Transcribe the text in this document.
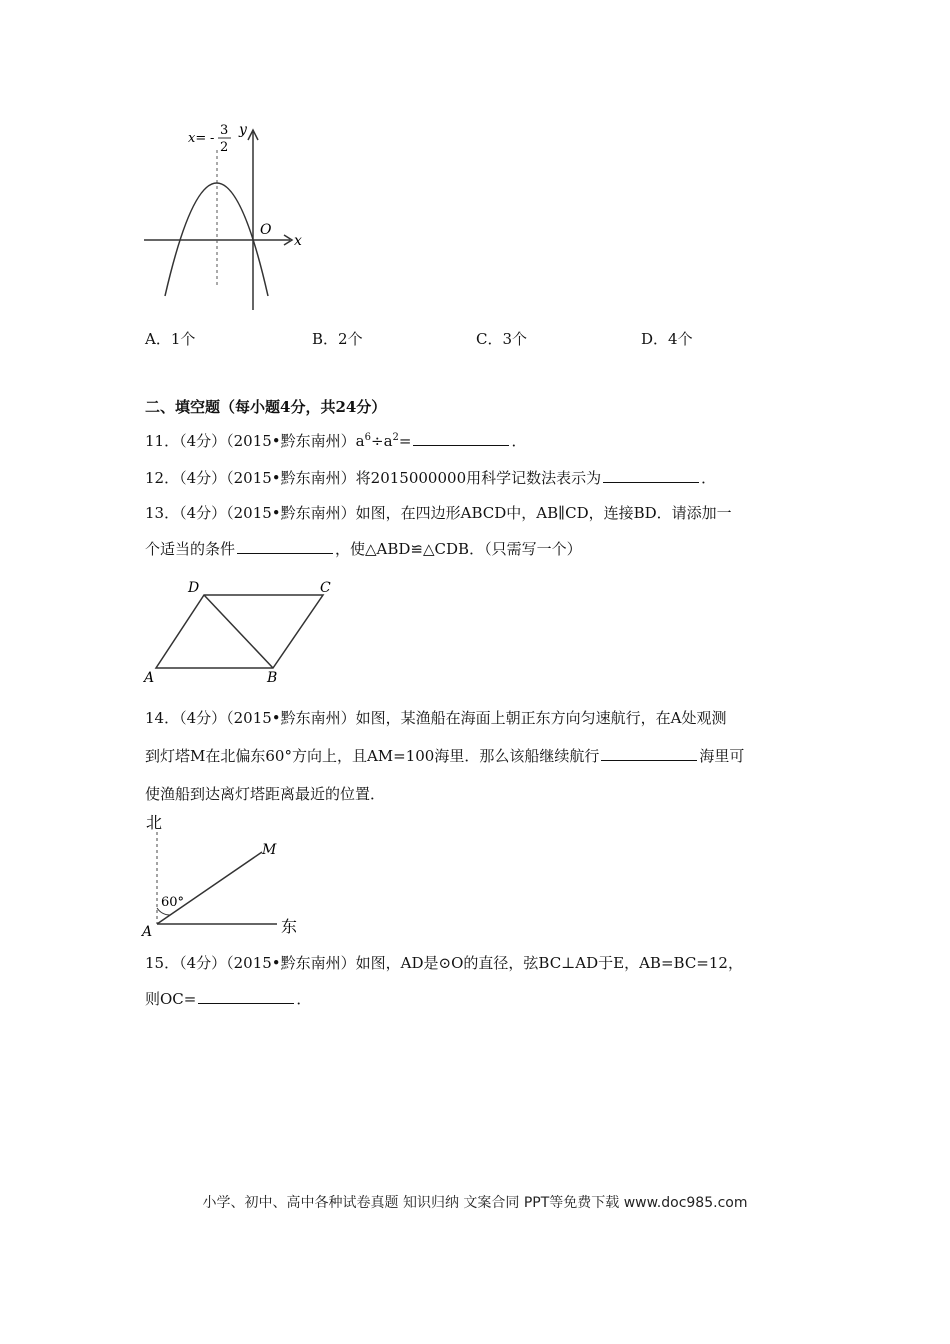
x= -
3
2
y
x
O
A．1个	B．2个	C．3个	D．4个
二、填空题（每小题4分，共24分）
11．（4分）（2015•黔东南州）$a^6\div a^2=$	．
12．（4分）（2015•黔东南州）将2015000000用科学记数法表示为	．
13．（4分）（2015•黔东南州）如图，在四边形ABCD中，AB∥CD，连接BD．请添加一
个适当的条件	，使△ABD≌△CDB．（只需写一个）
A	B
C
D
14．（4分）（2015•黔东南州）如图，某渔船在海面上朝正东方向匀速航行，在A处观测
到灯塔M在北偏东60°方向上，且AM=100海里．那么该船继续航行	海里可
使渔船到达离灯塔距离最近的位置．
北
东
60°
A
M
15．（4分）（2015•黔东南州）如图，AD是⊙O的直径，弦BC⊥AD于E，AB=BC=12，
则OC=	．
小学、初中、高中各种试卷真题 知识归纳 文案合同 PPT等免费下载 www.doc985.com
